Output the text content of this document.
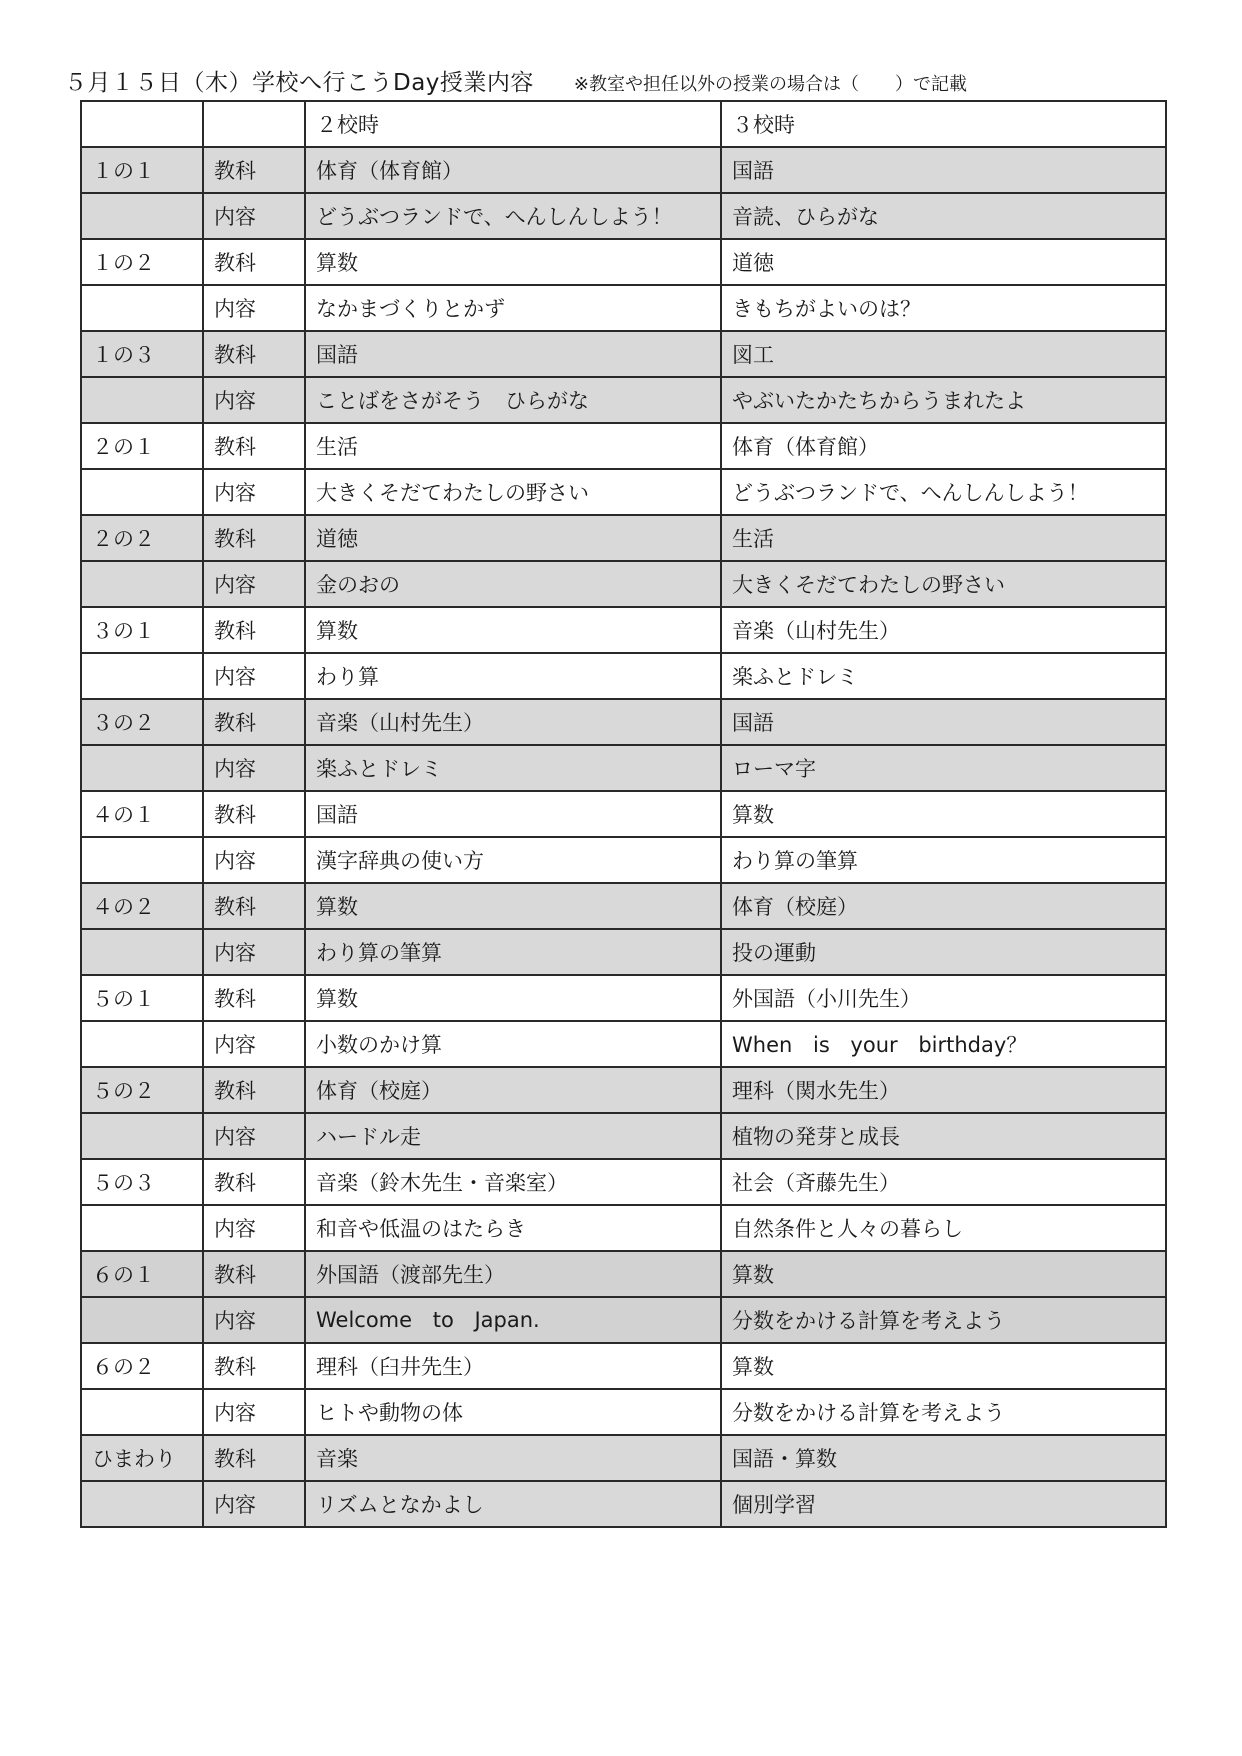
５月１５日（木）学校へ行こうDay授業内容 ※教室や担任以外の授業の場合は（　　）で記載
		２校時	３校時
１の１	教科	体育（体育館）	国語
	内容	どうぶつランドで、へんしんしよう！	音読、ひらがな
１の２	教科	算数	道徳
	内容	なかまづくりとかず	きもちがよいのは？
１の３	教科	国語	図工
	内容	ことばをさがそう　ひらがな	やぶいたかたちからうまれたよ
２の１	教科	生活	体育（体育館）
	内容	大きくそだてわたしの野さい	どうぶつランドで、へんしんしよう！
２の２	教科	道徳	生活
	内容	金のおの	大きくそだてわたしの野さい
３の１	教科	算数	音楽（山村先生）
	内容	わり算	楽ふとドレミ
３の２	教科	音楽（山村先生）	国語
	内容	楽ふとドレミ	ローマ字
４の１	教科	国語	算数
	内容	漢字辞典の使い方	わり算の筆算
４の２	教科	算数	体育（校庭）
	内容	わり算の筆算	投の運動
５の１	教科	算数	外国語（小川先生）
	内容	小数のかけ算	When is your birthday？
５の２	教科	体育（校庭）	理科（関水先生）
	内容	ハードル走	植物の発芽と成長
５の３	教科	音楽（鈴木先生・音楽室）	社会（斉藤先生）
	内容	和音や低温のはたらき	自然条件と人々の暮らし
６の１	教科	外国語（渡部先生）	算数
	内容	Welcome to Japan.	分数をかける計算を考えよう
６の２	教科	理科（臼井先生）	算数
	内容	ヒトや動物の体	分数をかける計算を考えよう
ひまわり	教科	音楽	国語・算数
	内容	リズムとなかよし	個別学習
